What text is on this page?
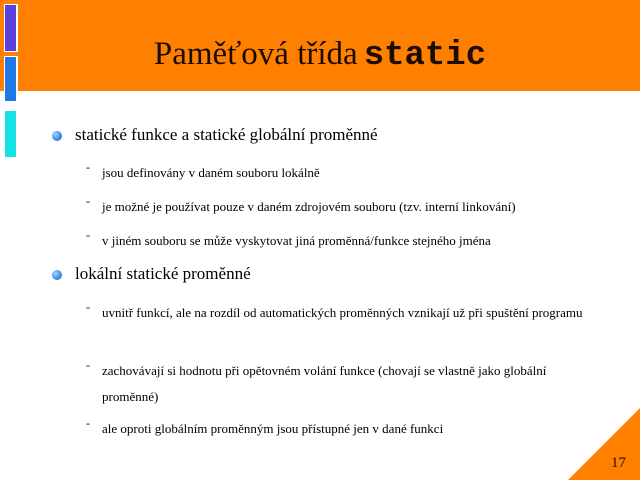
Paměťová třída static
statické funkce a statické globální proměnné
- jsou definovány v daném souboru lokálně
- je možné je používat pouze v daném zdrojovém souboru (tzv. interní linkování)
- v jiném souboru se může vyskytovat jiná proměnná/funkce stejného jména
lokální statické proměnné
- uvnitř funkcí, ale na rozdíl od automatických proměnných vznikají už při spuštění programu
- zachovávají si hodnotu při opětovném volání funkce (chovají se vlastně jako globální proměnné)
- ale oproti globálním proměnným jsou přístupné jen v dané funkci
17
